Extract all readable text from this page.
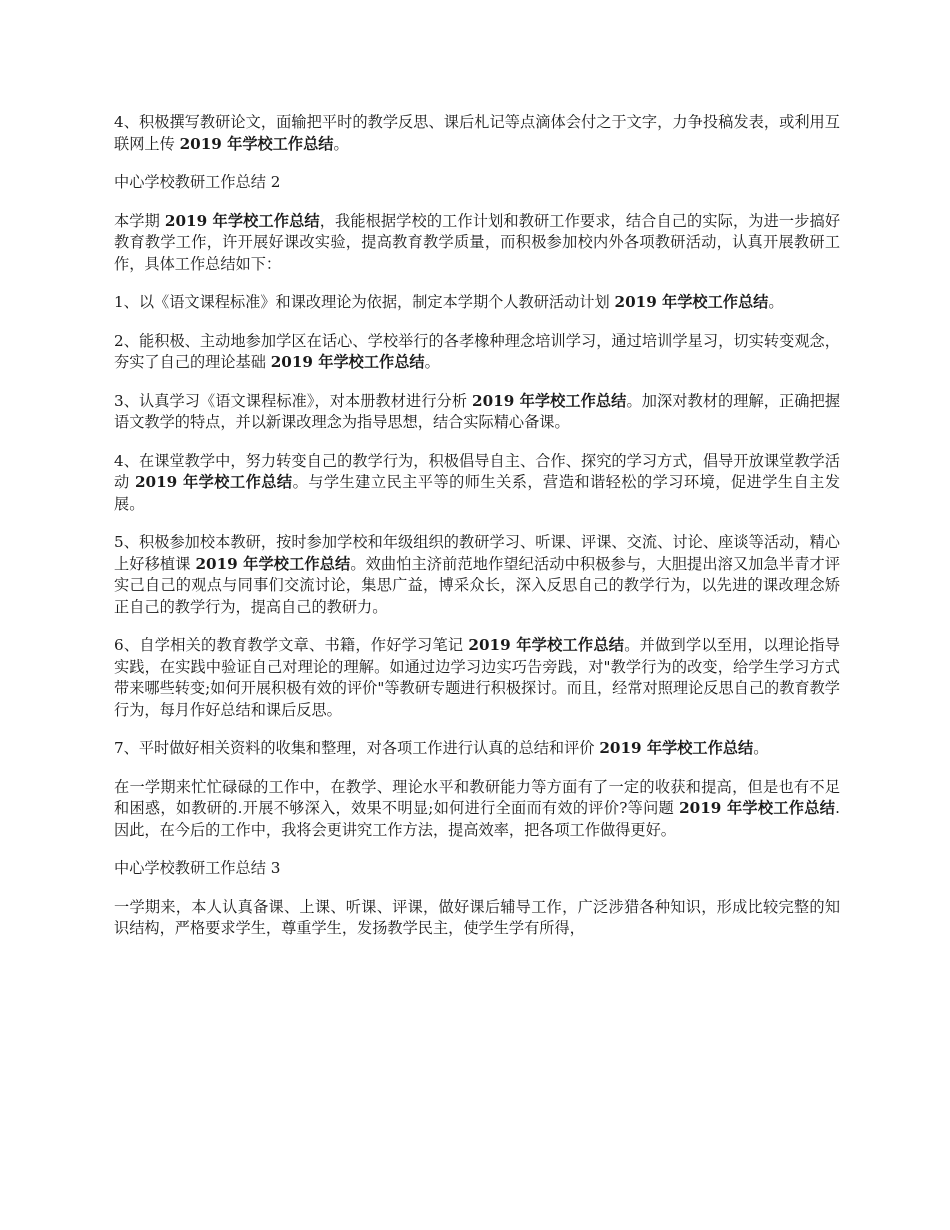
4、积极撰写教研论文，面输把平时的教学反思、课后札记等点滴体会付之于文字，力争投稿发表，或利用互联网上传 2019 年学校工作总结。

中心学校教研工作总结 2

本学期 2019 年学校工作总结，我能根据学校的工作计划和教研工作要求，结合自己的实际，为进一步搞好教育教学工作，许开展好课改实验，提高教育教学质量，而积极参加校内外各项教研活动，认真开展教研工作，具体工作总结如下：

1、以《语文课程标准》和课改理论为依据，制定本学期个人教研活动计划 2019 年学校工作总结。

2、能积极、主动地参加学区在话心、学校举行的各孝橡种理念培训学习，通过培训学星习，切实转变观念，夯实了自己的理论基础 2019 年学校工作总结。

3、认真学习《语文课程标准》，对本册教材进行分析 2019 年学校工作总结。加深对教材的理解，正确把握语文教学的特点，并以新课改理念为指导思想，结合实际精心备课。

4、在课堂教学中，努力转变自己的教学行为，积极倡导自主、合作、探究的学习方式，倡导开放课堂教学活动 2019 年学校工作总结。与学生建立民主平等的师生关系，营造和谐轻松的学习环境，促进学生自主发展。

5、积极参加校本教研，按时参加学校和年级组织的教研学习、听课、评课、交流、讨论、座谈等活动，精心上好移植课 2019 年学校工作总结。效曲怕主济前范地作望纪活动中积极参与，大胆提出溶又加急半青才评实己自己的观点与同事们交流讨论，集思广益，博采众长，深入反思自己的教学行为，以先进的课改理念矫正自己的教学行为，提高自己的教研力。

6、自学相关的教育教学文章、书籍，作好学习笔记 2019 年学校工作总结。并做到学以至用，以理论指导实践，在实践中验证自己对理论的理解。如通过边学习边实巧告旁践，对"教学行为的改变，给学生学习方式带来哪些转变;如何开展积极有效的评价"等教研专题进行积极探讨。而且，经常对照理论反思自己的教育教学行为，每月作好总结和课后反思。

7、平时做好相关资料的收集和整理，对各项工作进行认真的总结和评价 2019 年学校工作总结。

在一学期来忙忙碌碌的工作中，在教学、理论水平和教研能力等方面有了一定的收获和提高，但是也有不足和困惑，如教研的.开展不够深入，效果不明显;如何进行全面而有效的评价?等问题 2019 年学校工作总结. 因此，在今后的工作中，我将会更讲究工作方法，提高效率，把各项工作做得更好。

中心学校教研工作总结 3

一学期来，本人认真备课、上课、听课、评课，做好课后辅导工作，广泛涉猎各种知识，形成比较完整的知识结构，严格要求学生，尊重学生，发扬教学民主，使学生学有所得，
